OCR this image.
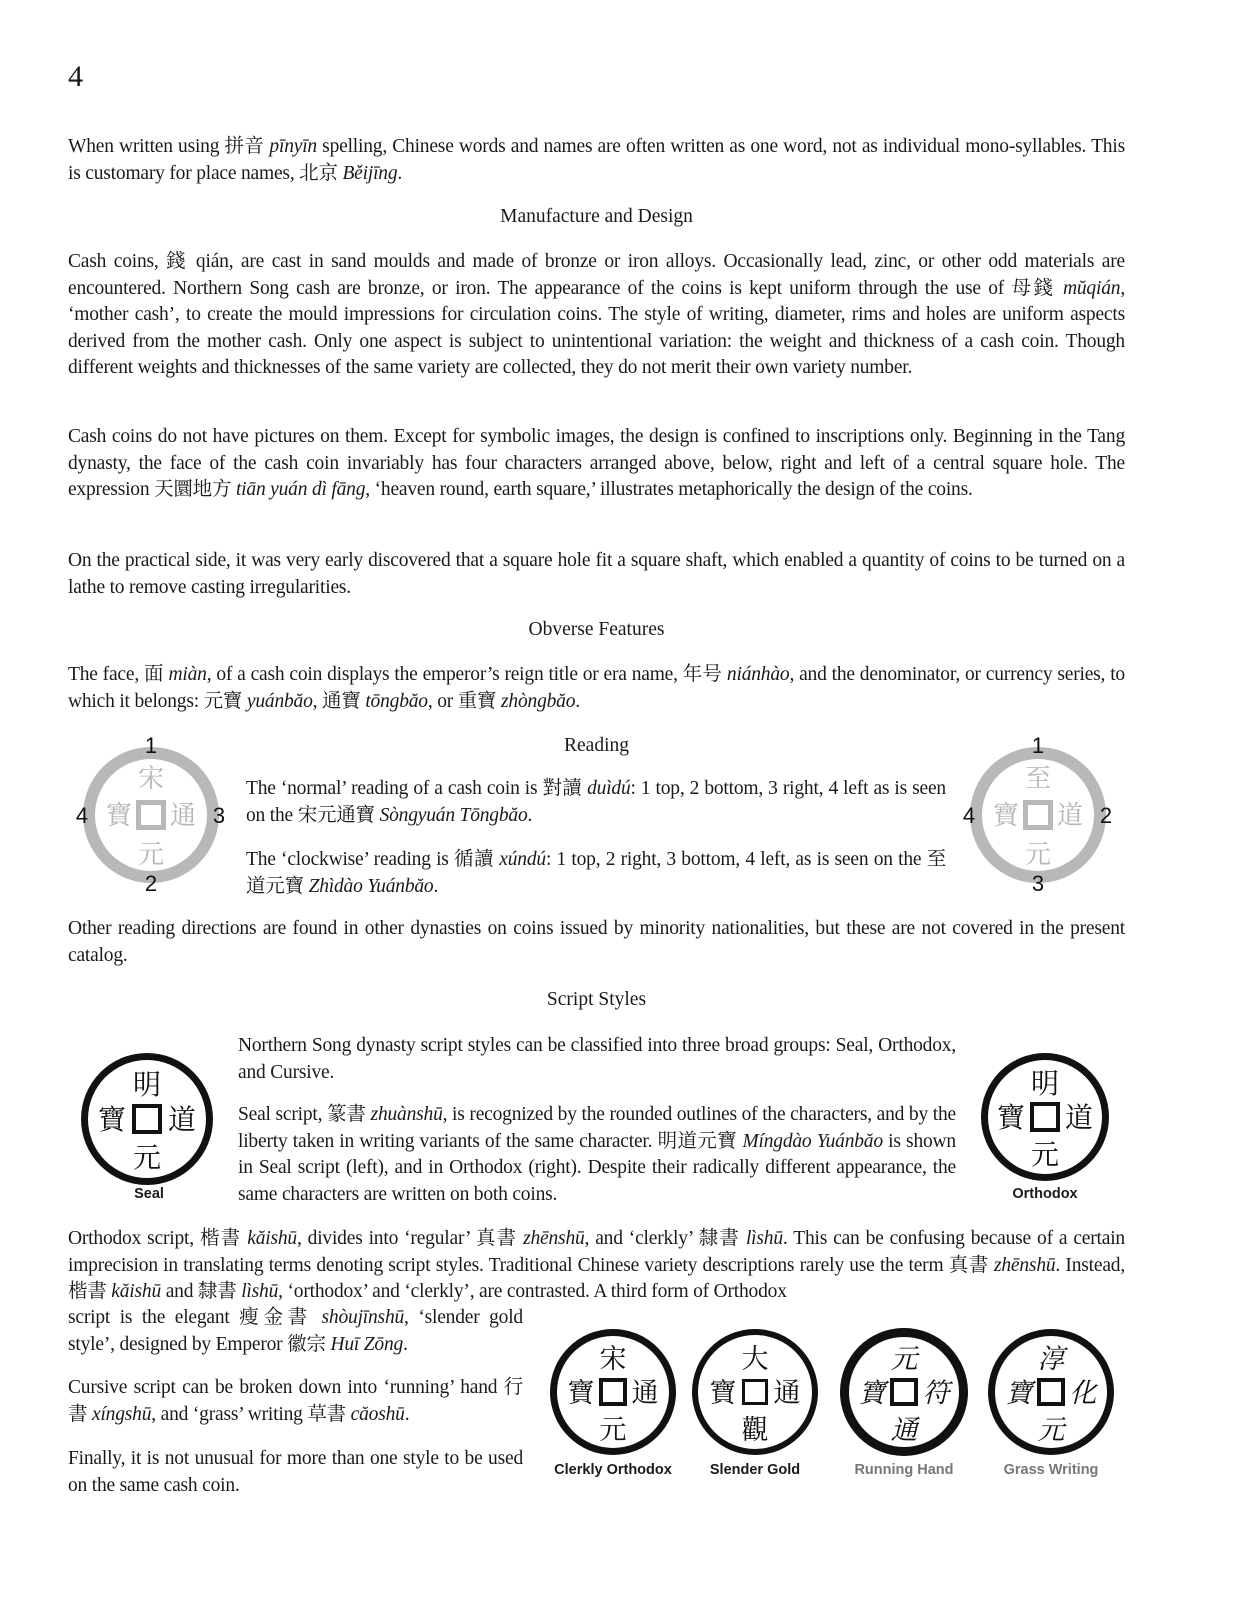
4

When written using 拼音 pīnyīn spelling, Chinese words and names are often written as one word, not as individual mono-syllables. This is customary for place names, 北京 Běijīng.

Manufacture and Design

Cash coins, 錢 qián, are cast in sand moulds and made of bronze or iron alloys. Occasionally lead, zinc, or other odd materials are encountered. Northern Song cash are bronze, or iron. The appearance of the coins is kept uniform through the use of 母錢 mŭqián, ‘mother cash’, to create the mould impressions for circulation coins. The style of writing, diameter, rims and holes are uniform aspects derived from the mother cash. Only one aspect is subject to unintentional variation: the weight and thickness of a cash coin. Though different weights and thicknesses of the same variety are collected, they do not merit their own variety number.

Cash coins do not have pictures on them. Except for symbolic images, the design is confined to inscriptions only. Beginning in the Tang dynasty, the face of the cash coin invariably has four characters arranged above, below, right and left of a central square hole. The expression 天圜地方 tiān yuán dì fāng, ‘heaven round, earth square,’ illustrates metaphorically the design of the coins.

On the practical side, it was very early discovered that a square hole fit a square shaft, which enabled a quantity of coins to be turned on a lathe to remove casting irregularities.

Obverse Features

The face, 面 miàn, of a cash coin displays the emperor’s reign title or era name, 年号 niánhào, and the denominator, or currency series, to which it belongs: 元寶 yuánbăo, 通寶 tōngbăo, or 重寶 zhòngbăo.

Reading
宋
通
元
寶
1
2
3
4
The ‘normal’ reading of a cash coin is 對讀 duìdú: 1 top, 2 bottom, 3 right, 4 left as is seen on the 宋元通寶 Sòngyuán Tōngbăo.
The ‘clockwise’ reading is 循讀 xúndú: 1 top, 2 right, 3 bottom, 4 left, as is seen on the 至道元寶 Zhìdào Yuánbăo.
至
道
元
寶
1
2
3
4

Other reading directions are found in other dynasties on coins issued by minority nationalities, but these are not covered in the present catalog.

Script Styles
明
道
元
寶
Seal
Northern Song dynasty script styles can be classified into three broad groups: Seal, Orthodox, and Cursive.
Seal script, 篆書 zhuànshū, is recognized by the rounded outlines of the characters, and by the liberty taken in writing variants of the same character. 明道元寶 Míngdào Yuánbăo is shown in Seal script (left), and in Orthodox (right). Despite their radically different appearance, the same characters are written on both coins.
明
道
元
寶
Orthodox

Orthodox script, 楷書 kăishū, divides into ‘regular’ 真書 zhēnshū, and ‘clerkly’ 隸書 lìshū. This can be confusing because of a certain imprecision in translating terms denoting script styles. Traditional Chinese variety descriptions rarely use the term 真書 zhēnshū. Instead, 楷書 kăishū and 隸書 lìshū, ‘orthodox’ and ‘clerkly’, are contrasted. A third form of Orthodox

script is the elegant 瘦金書 shòujīnshū, ‘slender gold style’, designed by Emperor 徽宗 Huī Zōng.
Cursive script can be broken down into ‘running’ hand 行書 xíngshū, and ‘grass’ writing 草書 căoshū.
Finally, it is not unusual for more than one style to be used on the same cash coin.
宋
通
元
寶
大
通
觀
寶
元
符
通
寶
淳
化
元
寶
Clerkly Orthodox	Slender Gold	Running Hand	Grass Writing
